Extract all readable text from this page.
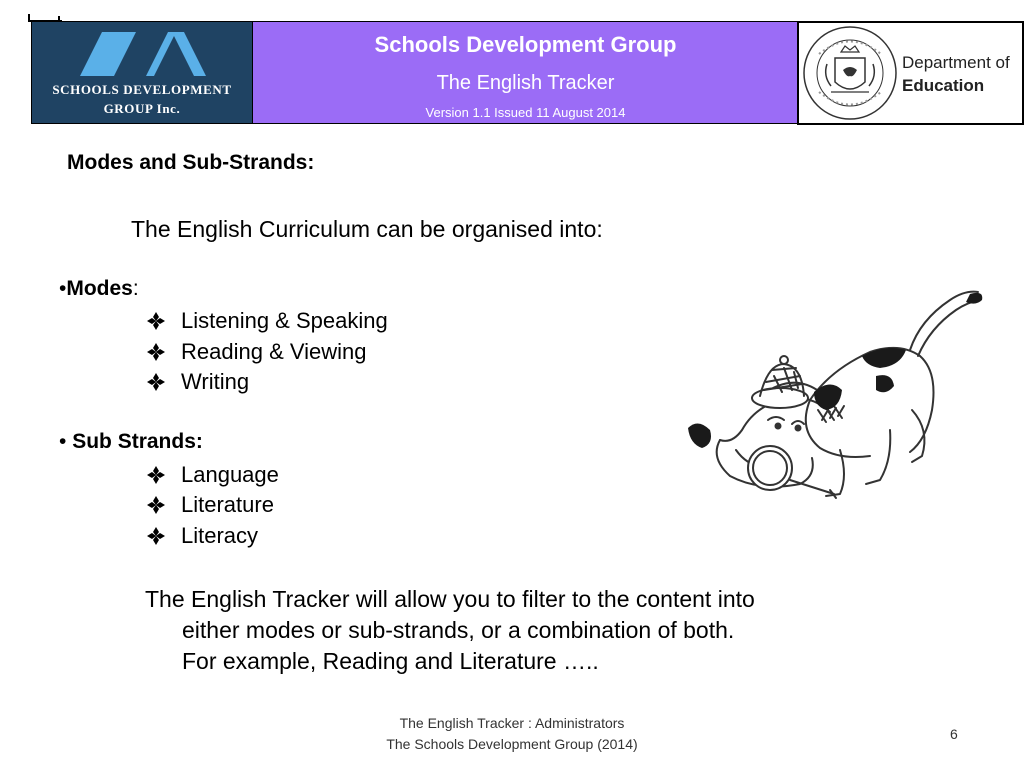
SCHOOLS DEVELOPMENT
GROUP Inc.
Schools Development Group
The English Tracker
Version 1.1 Issued 11 August 2014
Department of
Education
Modes and Sub-Strands:
The English Curriculum can be organised into:
•Modes:
Listening & Speaking
Reading & Viewing
Writing
• Sub Strands:
Language
Literature
Literacy
The English Tracker will allow you to filter to the content into
either modes or sub-strands, or a combination of both.
For example, Reading and Literature …..
The English Tracker : Administrators
The Schools Development Group (2014)
6
